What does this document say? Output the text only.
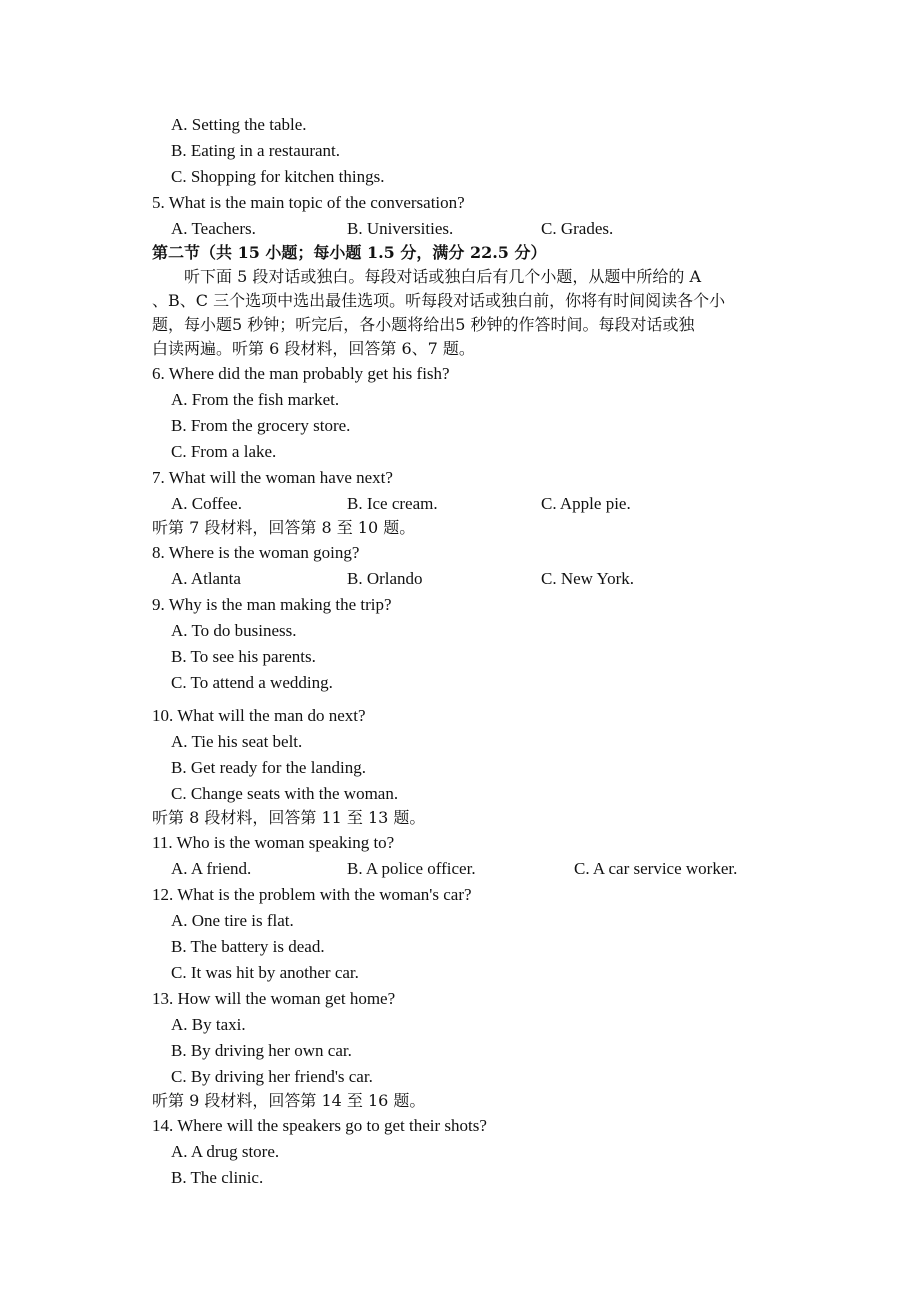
A. Setting the table.
B. Eating in a restaurant.
C. Shopping for kitchen things.
5. What is the main topic of the conversation?
A. Teachers.	B. Universities.	C. Grades.
第二节（共 15 小题；每小题 1.5 分，满分 22.5 分）
　　听下面 5 段对话或独白。每段对话或独白后有几个小题，从题中所给的 A
、B、C 三个选项中选出最佳选项。听每段对话或独白前，你将有时间阅读各个小
题，每小题5 秒钟；听完后，各小题将给出5 秒钟的作答时间。每段对话或独
白读两遍。听第 6 段材料，回答第 6、7 题。
6. Where did the man probably get his fish?
A. From the fish market.
B. From the grocery store.
C. From a lake.
7. What will the woman have next?
A. Coffee.	B. Ice cream.	C. Apple pie.
听第 7 段材料，回答第 8 至 10 题。
8. Where is the woman going?
A. Atlanta	B. Orlando	C. New York.
9. Why is the man making the trip?
A. To do business.
B. To see his parents.
C. To attend a wedding.
10. What will the man do next?
A. Tie his seat belt.
B. Get ready for the landing.
C. Change seats with the woman.
听第 8 段材料，回答第 11 至 13 题。
11. Who is the woman speaking to?
A. A friend.	B. A police officer.	C. A car service worker.
12. What is the problem with the woman's car?
A. One tire is flat.
B. The battery is dead.
C. It was hit by another car.
13. How will the woman get home?
A. By taxi.
B. By driving her own car.
C. By driving her friend's car.
听第 9 段材料，回答第 14 至 16 题。
14. Where will the speakers go to get their shots?
A. A drug store.
B. The clinic.
